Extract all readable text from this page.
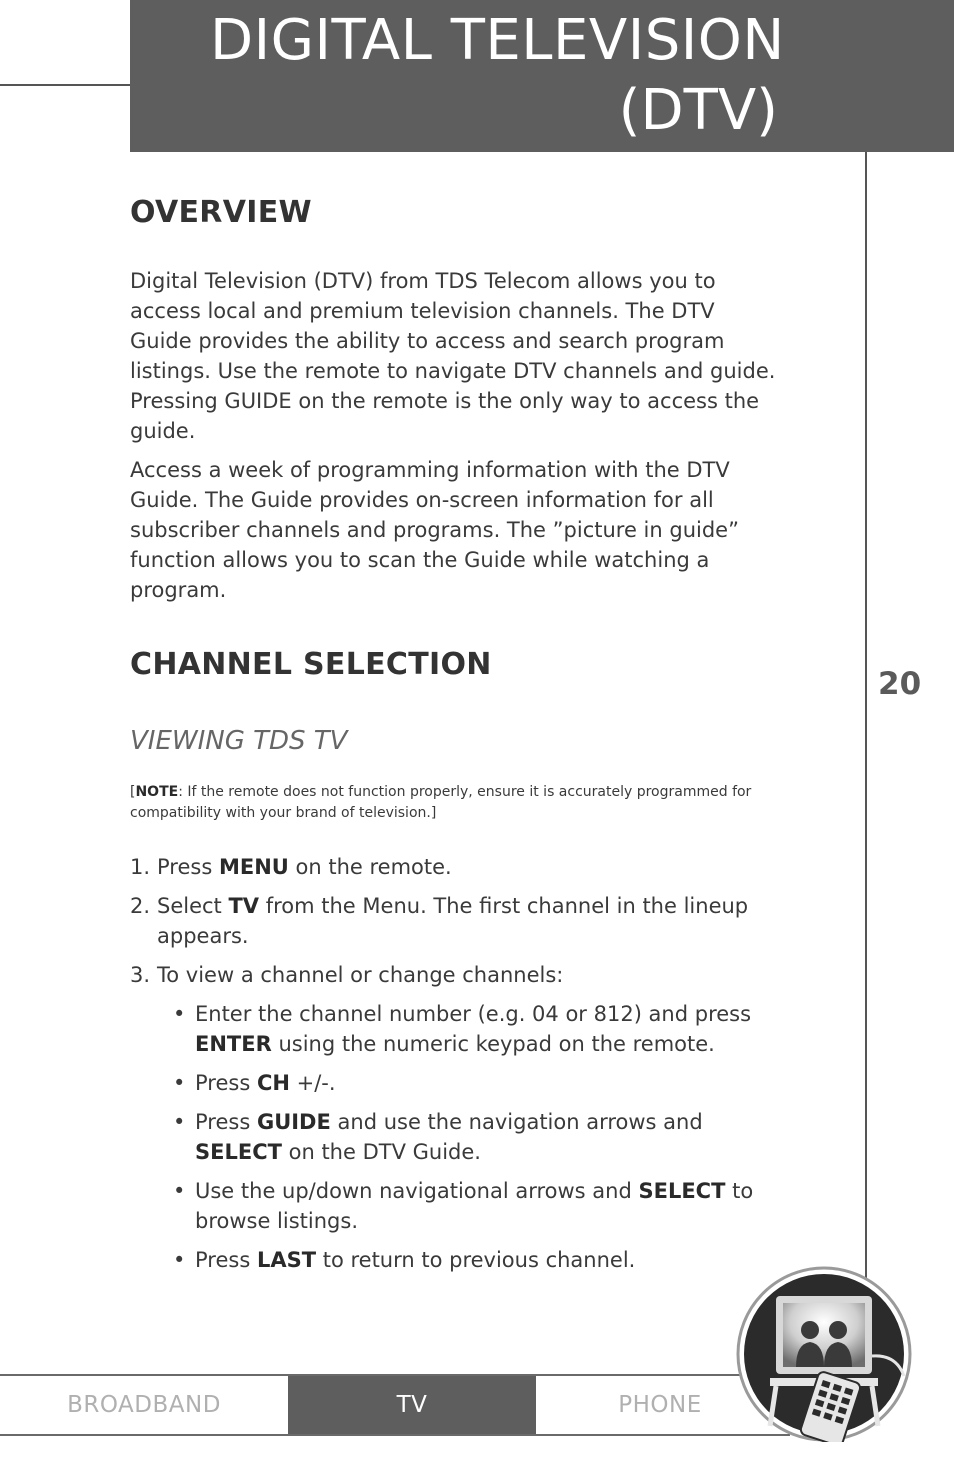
DIGITAL TELEVISION
(DTV)
20
OVERVIEW

Digital Television (DTV) from TDS Telecom allows you to access local and premium television channels. The DTV Guide provides the ability to access and search program listings. Use the remote to navigate DTV channels and guide. Pressing GUIDE on the remote is the only way to access the guide.

Access a week of programming information with the DTV Guide. The Guide provides on-screen information for all subscriber channels and programs. The ”picture in guide” function allows you to scan the Guide while watching a program.

CHANNEL SELECTION
VIEWING TDS TV
[NOTE: If the remote does not function properly, ensure it is accurately programmed for compatibility with your brand of television.]
1. Press MENU on the remote.
2. Select TV from the Menu. The first channel in the lineup appears.
3. To view a channel or change channels:
• Enter the channel number (e.g. 04 or 812) and press ENTER using the numeric keypad on the remote.
• Press CH +/-.
• Press GUIDE and use the navigation arrows and SELECT on the DTV Guide.
• Use the up/down navigational arrows and SELECT to browse listings.
• Press LAST to return to previous channel.
BROADBAND	TV	PHONE
